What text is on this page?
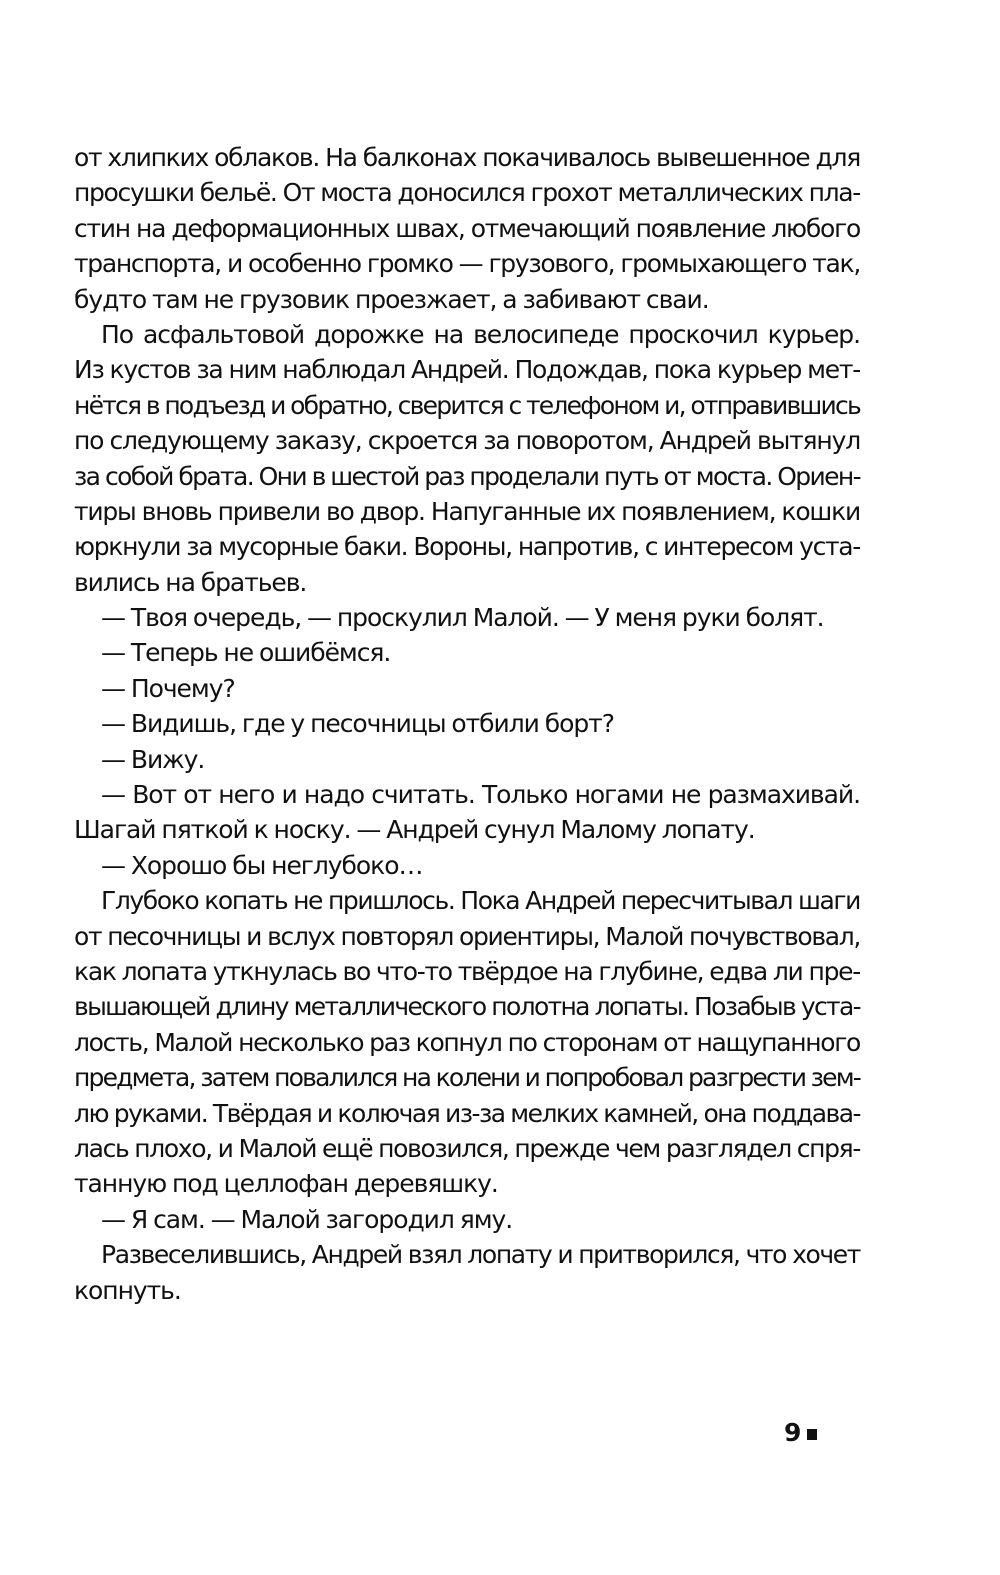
от хлипких облаков. На балконах покачивалось вывешенное для
просушки бельё. От моста доносился грохот металлических пла-
стин на деформационных швах, отмечающий появление любого
транспорта, и особенно громко — грузового, громыхающего так,
будто там не грузовик проезжает, а забивают сваи.
По асфальтовой дорожке на велосипеде проскочил курьер.
Из кустов за ним наблюдал Андрей. Подождав, пока курьер мет-
нётся в подъезд и обратно, сверится с телефоном и, отправившись
по следующему заказу, скроется за поворотом, Андрей вытянул
за собой брата. Они в шестой раз проделали путь от моста. Ориен-
тиры вновь привели во двор. Напуганные их появлением, кошки
юркнули за мусорные баки. Вороны, напротив, с интересом уста-
вились на братьев.
— Твоя очередь, — проскулил Малой. — У меня руки болят.
— Теперь не ошибёмся.
— Почему?
— Видишь, где у песочницы отбили борт?
— Вижу.
— Вот от него и надо считать. Только ногами не размахивай.
Шагай пяткой к носку. — Андрей сунул Малому лопату.
— Хорошо бы неглубоко…
Глубоко копать не пришлось. Пока Андрей пересчитывал шаги
от песочницы и вслух повторял ориентиры, Малой почувствовал,
как лопата уткнулась во что-то твёрдое на глубине, едва ли пре-
вышающей длину металлического полотна лопаты. Позабыв уста-
лость, Малой несколько раз копнул по сторонам от нащупанного
предмета, затем повалился на колени и попробовал разгрести зем-
лю руками. Твёрдая и колючая из-за мелких камней, она поддава-
лась плохо, и Малой ещё повозился, прежде чем разглядел спря-
танную под целлофан деревяшку.
— Я сам. — Малой загородил яму.
Развеселившись, Андрей взял лопату и притворился, что хочет
копнуть.
9
